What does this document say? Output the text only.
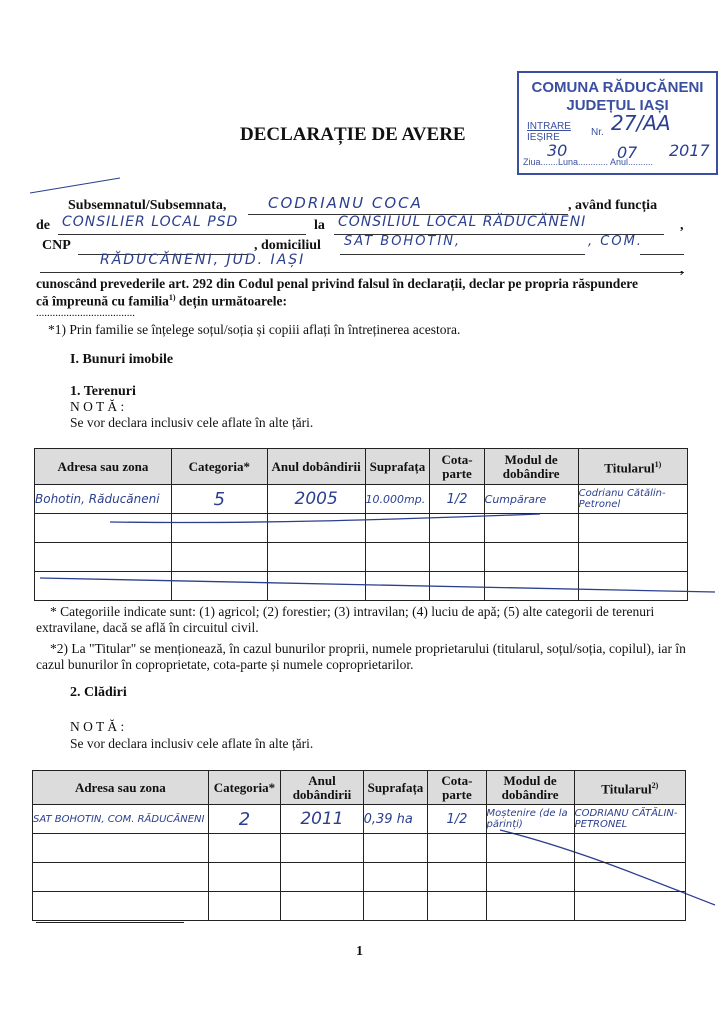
COMUNA RĂDUCĂNENI
JUDEȚUL IAȘI
INTRARE
IEȘIRE	Nr. 27/AA
Ziua.......Luna............ Anul..........
30	07 2017
DECLARAȚIE DE AVERE
Subsemnatul/Subsemnata,	CODRIANU COCA	, având funcția
de CONSILIER LOCAL PSD	la CONSILIUL LOCAL RĂDUCĂNENI	,
CNP	, domiciliul SAT BOHOTIN,	, COM.
RĂDUCĂNENI, JUD. IAȘI
,
cunoscând prevederile art. 292 din Codul penal privind falsul în declarații, declar pe propria răspundere
că împreună cu familia$^{1)}$ dețin următoarele:
....................................
*1) Prin familie se înțelege soțul/soția și copiii aflați în întreținerea acestora.
I. Bunuri imobile
1. Terenuri
N O T Ă :
Se vor declara inclusiv cele aflate în alte țări.
Adresa sau zona	Categoria*	Anul dobândirii	Suprafața	Cota-parte	Modul de dobândire	Titularul$^{1)}$
Bohotin, Răducăneni	5	2005	10.000mp.	1/2	Cumpărare	Codrianu Cătălin-Petronel

* Categoriile indicate sunt: (1) agricol; (2) forestier; (3) intravilan; (4) luciu de apă; (5) alte categorii de terenuri extravilane, dacă se află în circuitul civil.
*2) La "Titular" se menționează, în cazul bunurilor proprii, numele proprietarului (titularul, soțul/soția, copilul), iar în cazul bunurilor în coproprietate, cota-parte și numele coproprietarilor.
2. Clădiri
N O T Ă :
Se vor declara inclusiv cele aflate în alte țări.
Adresa sau zona	Categoria*	Anul dobândirii	Suprafața	Cota-parte	Modul de dobândire	Titularul$^{2)}$
SAT BOHOTIN, COM. RĂDUCĂNENI	2	2011	0,39 ha	1/2	Moștenire (de la părinți)	CODRIANU CĂTĂLIN-PETRONEL

1
